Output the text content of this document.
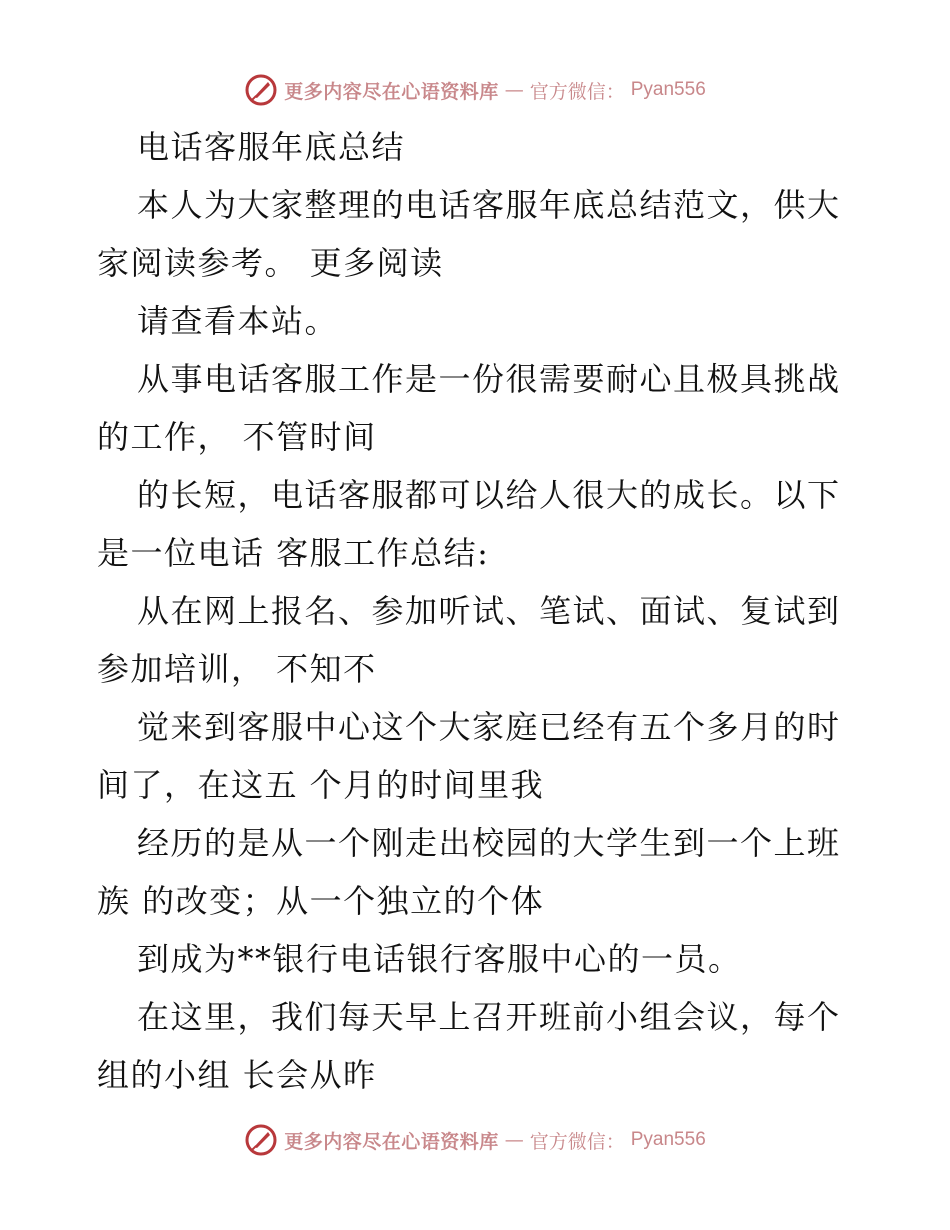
更多内容尽在心语资料库 — 官方微信： Pyan556
电话客服年底总结
本人为大家整理的电话客服年底总结范文，供大
家阅读参考。 更多阅读
请查看本站。
从事电话客服工作是一份很需要耐心且极具挑战
的工作， 不管时间
的长短，电话客服都可以给人很大的成长。以下
是一位电话 客服工作总结:
从在网上报名、参加听试、笔试、面试、复试到
参加培训， 不知不
觉来到客服中心这个大家庭已经有五个多月的时
间了，在这五 个月的时间里我
经历的是从一个刚走出校园的大学生到一个上班
族 的改变；从一个独立的个体
到成为**银行电话银行客服中心的一员。
在这里，我们每天早上召开班前小组会议，每个
组的小组 长会从昨
更多内容尽在心语资料库 — 官方微信： Pyan556
